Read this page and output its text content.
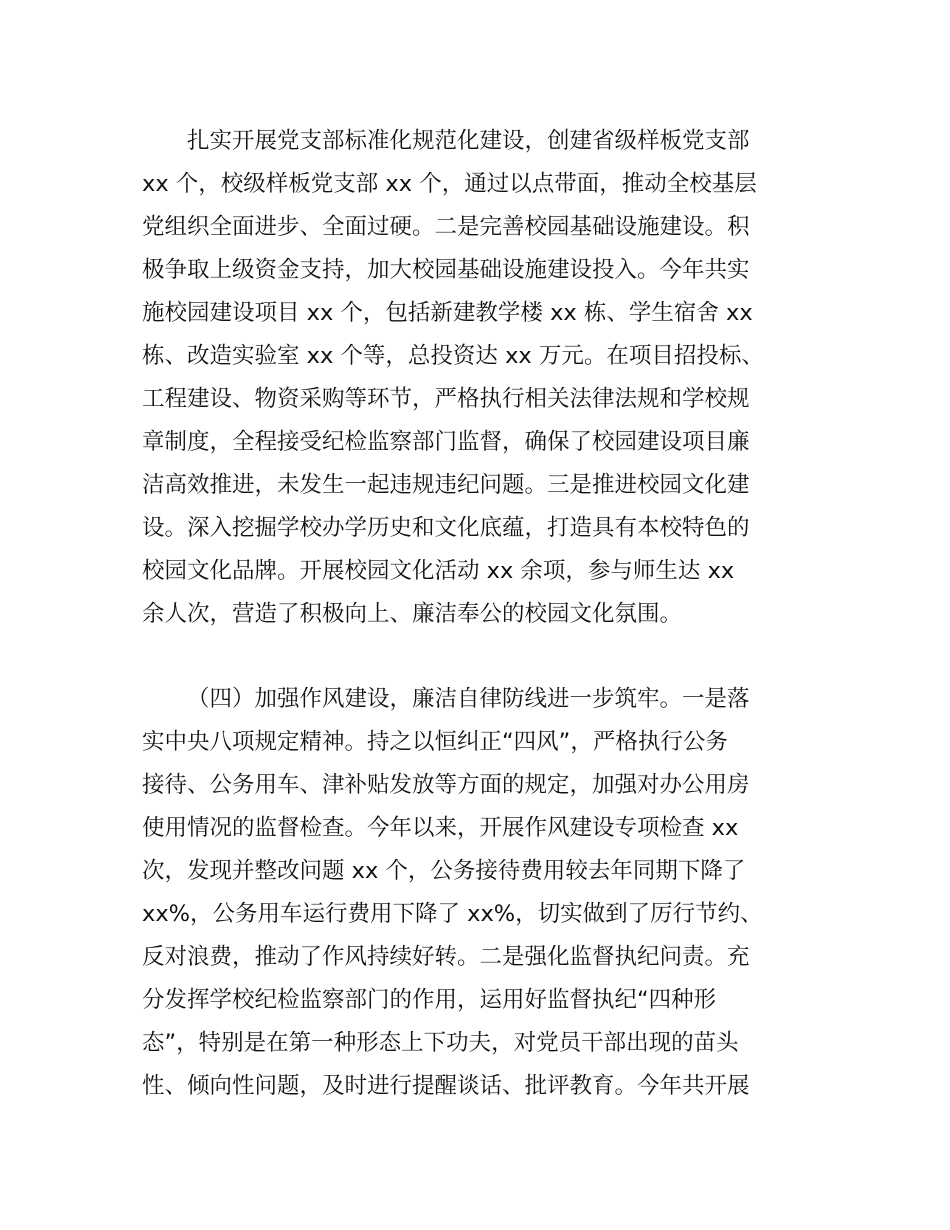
扎实开展党支部标准化规范化建设，创建省级样板党支部
xx 个，校级样板党支部 xx 个，通过以点带面，推动全校基层
党组织全面进步、全面过硬。二是完善校园基础设施建设。积
极争取上级资金支持，加大校园基础设施建设投入。今年共实
施校园建设项目 xx 个，包括新建教学楼 xx 栋、学生宿舍 xx
栋、改造实验室 xx 个等，总投资达 xx 万元。在项目招投标、
工程建设、物资采购等环节，严格执行相关法律法规和学校规
章制度，全程接受纪检监察部门监督，确保了校园建设项目廉
洁高效推进，未发生一起违规违纪问题。三是推进校园文化建
设。深入挖掘学校办学历史和文化底蕴，打造具有本校特色的
校园文化品牌。开展校园文化活动 xx 余项，参与师生达 xx
余人次，营造了积极向上、廉洁奉公的校园文化氛围。
（四）加强作风建设，廉洁自律防线进一步筑牢。一是落
实中央八项规定精神。持之以恒纠正“四风”，严格执行公务
接待、公务用车、津补贴发放等方面的规定，加强对办公用房
使用情况的监督检查。今年以来，开展作风建设专项检查 xx
次，发现并整改问题 xx 个，公务接待费用较去年同期下降了
xx%，公务用车运行费用下降了 xx%，切实做到了厉行节约、
反对浪费，推动了作风持续好转。二是强化监督执纪问责。充
分发挥学校纪检监察部门的作用，运用好监督执纪“四种形
态”，特别是在第一种形态上下功夫，对党员干部出现的苗头
性、倾向性问题，及时进行提醒谈话、批评教育。今年共开展
